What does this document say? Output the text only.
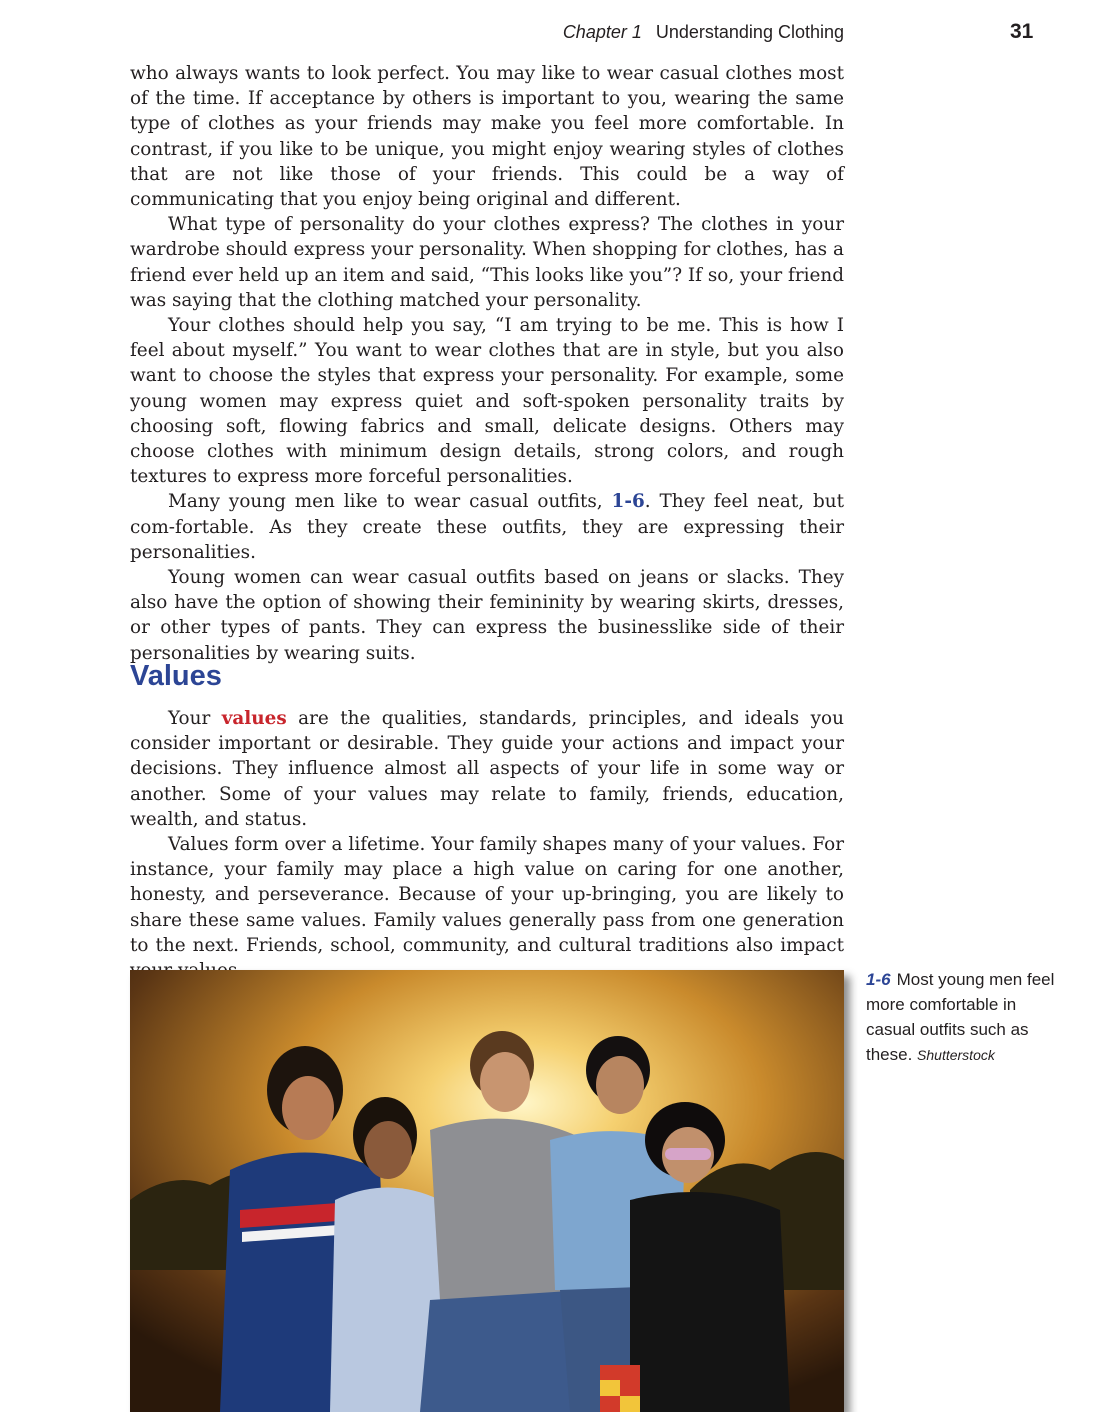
Chapter 1 Understanding Clothing	31

who always wants to look perfect. You may like to wear casual clothes most of the time. If acceptance by others is important to you, wearing the same type of clothes as your friends may make you feel more comfortable. In contrast, if you like to be unique, you might enjoy wearing styles of clothes that are not like those of your friends. This could be a way of communicating that you enjoy being original and different.

What type of personality do your clothes express? The clothes in your wardrobe should express your personality. When shopping for clothes, has a friend ever held up an item and said, “This looks like you”? If so, your friend was saying that the clothing matched your personality.

Your clothes should help you say, “I am trying to be me. This is how I feel about myself.” You want to wear clothes that are in style, but you also want to choose the styles that express your personality. For example, some young women may express quiet and soft-spoken personality traits by choosing soft, flowing fabrics and small, delicate designs. Others may choose clothes with minimum design details, strong colors, and rough textures to express more forceful personalities.

Many young men like to wear casual outfits, 1-6. They feel neat, but com-fortable. As they create these outfits, they are expressing their personalities.

Young women can wear casual outfits based on jeans or slacks. They also have the option of showing their femininity by wearing skirts, dresses, or other types of pants. They can express the businesslike side of their personalities by wearing suits.

Values

Your values are the qualities, standards, principles, and ideals you consider important or desirable. They guide your actions and impact your decisions. They influence almost all aspects of your life in some way or another. Some of your values may relate to family, friends, education, wealth, and status.

Values form over a lifetime. Your family shapes many of your values. For instance, your family may place a high value on caring for one another, honesty, and perseverance. Because of your up-bringing, you are likely to share these same values. Family values generally pass from one generation to the next. Friends, school, community, and cultural traditions also impact

1-6 Most young men feel more comfortable in casual outfits such as these. Shutterstock
